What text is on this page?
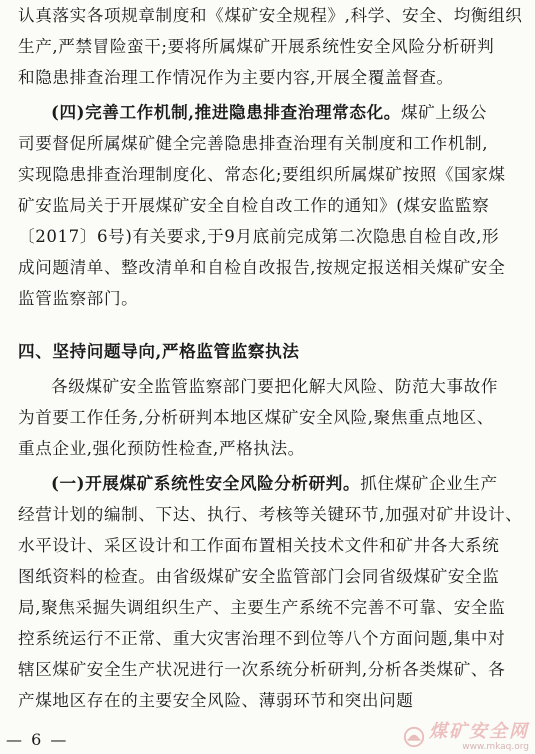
认真落实各项规章制度和《煤矿安全规程》,科学、安全、均衡组织
生产,严禁冒险蛮干;要将所属煤矿开展系统性安全风险分析研判
和隐患排查治理工作情况作为主要内容,开展全覆盖督查。

(四)完善工作机制,推进隐患排查治理常态化。煤矿上级公
司要督促所属煤矿健全完善隐患排查治理有关制度和工作机制,
实现隐患排查治理制度化、常态化;要组织所属煤矿按照《国家煤
矿安监局关于开展煤矿安全自检自改工作的通知》(煤安监監察
〔2017〕6号)有关要求,于9月底前完成第二次隐患自检自改,形
成问题清单、整改清单和自检自改报告,按规定报送相关煤矿安全
监管监察部门。

四、坚持问题导向,严格监管监察执法

各级煤矿安全监管监察部门要把化解大风险、防范大事故作
为首要工作任务,分析研判本地区煤矿安全风险,聚焦重点地区、
重点企业,强化预防性检查,严格执法。

(一)开展煤矿系统性安全风险分析研判。抓住煤矿企业生产
经营计划的编制、下达、执行、考核等关键环节,加强对矿井设计、
水平设计、采区设计和工作面布置相关技术文件和矿井各大系统
图纸资料的检查。由省级煤矿安全监管部门会同省级煤矿安全监
局,聚焦采掘失调组织生产、主要生产系统不完善不可靠、安全监
控系统运行不正常、重大灾害治理不到位等八个方面问题,集中对
辖区煤矿安全生产状况进行一次系统分析研判,分析各类煤矿、各
产煤地区存在的主要安全风险、薄弱环节和突出问题

— 6 —	煤矿安全网
www.mkaq.org
